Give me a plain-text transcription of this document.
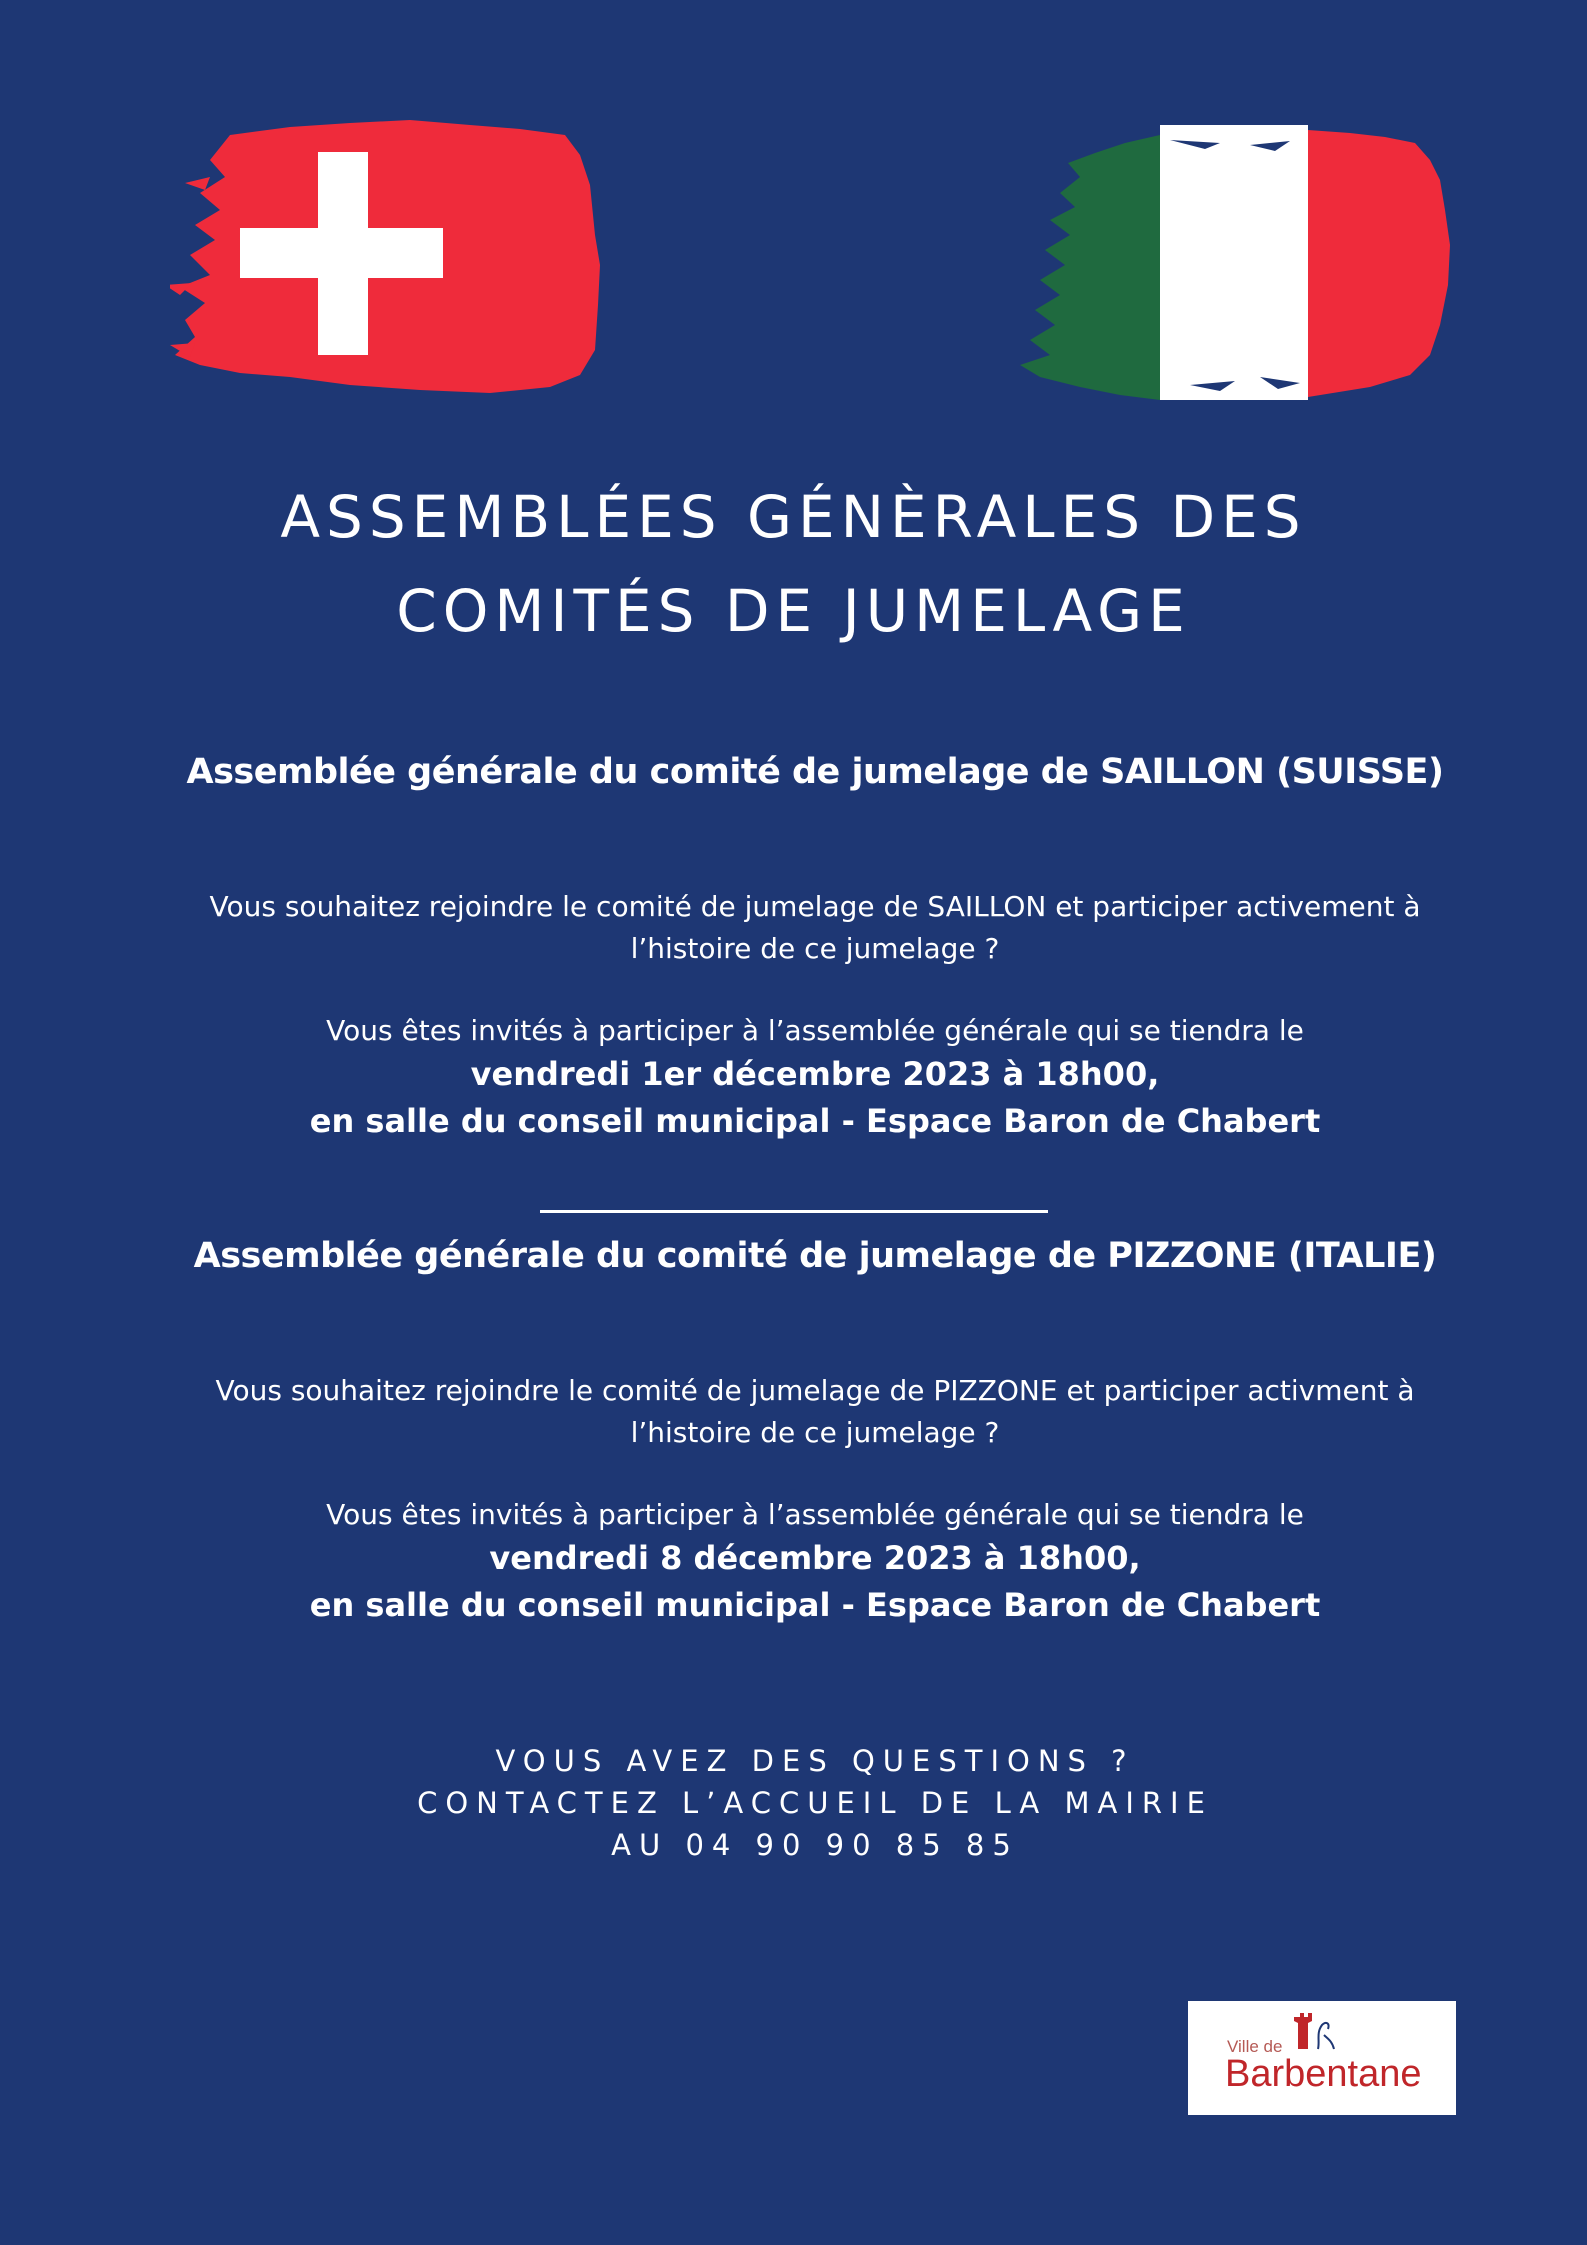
ASSEMBLÉES GÉNÈRALES DES
COMITÉS DE JUMELAGE
Assemblée générale du comité de jumelage de SAILLON (SUISSE)
Vous souhaitez rejoindre le comité de jumelage de SAILLON et participer activement à
l’histoire de ce jumelage ?
Vous êtes invités à participer à l’assemblée générale qui se tiendra le
vendredi 1er décembre 2023 à 18h00,
en salle du conseil municipal - Espace Baron de Chabert
Assemblée générale du comité de jumelage de PIZZONE (ITALIE)
Vous souhaitez rejoindre le comité de jumelage de PIZZONE et participer activment à
l’histoire de ce jumelage ?
Vous êtes invités à participer à l’assemblée générale qui se tiendra le
vendredi 8 décembre 2023 à 18h00,
en salle du conseil municipal - Espace Baron de Chabert
VOUS AVEZ DES QUESTIONS ?
CONTACTEZ L’ACCUEIL DE LA MAIRIE
AU 04 90 90 85 85
Ville de
Barbentane
